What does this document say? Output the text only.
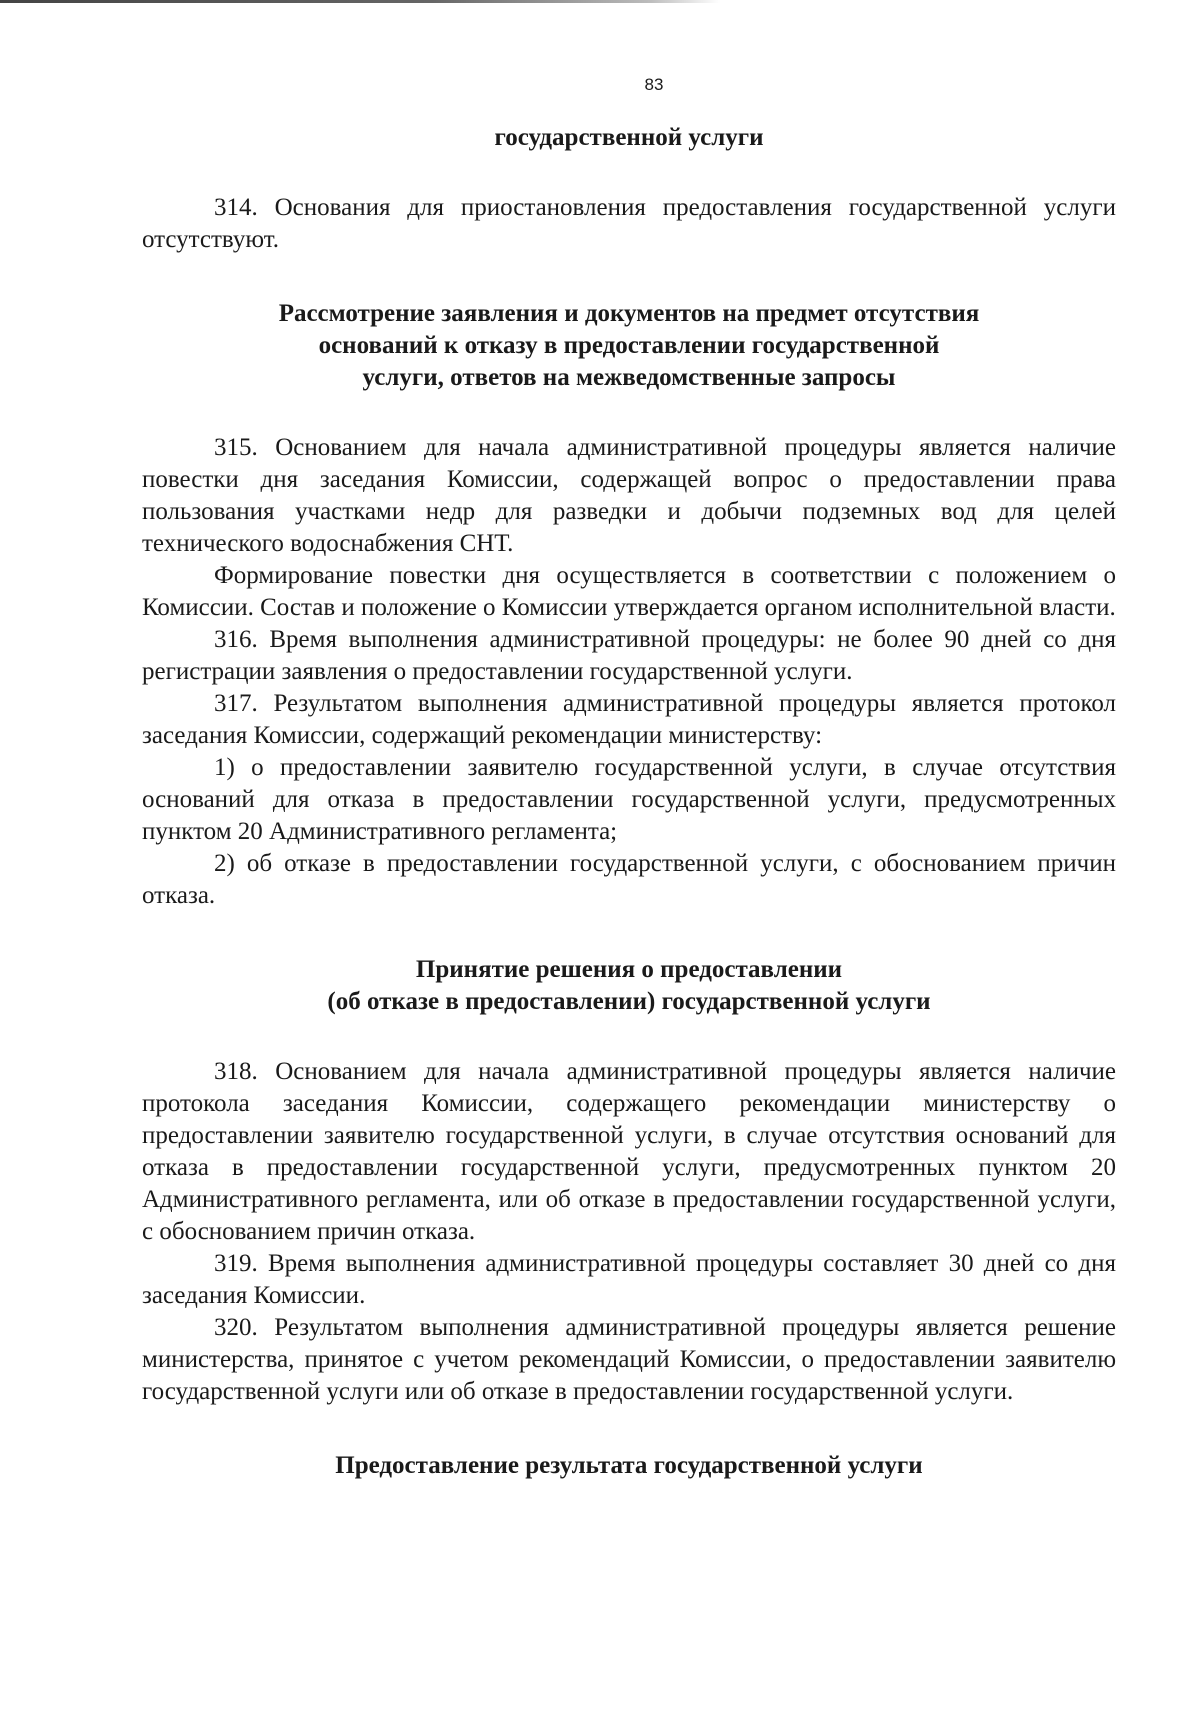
83
государственной услуги

314. Основания для приостановления предоставления государственной услуги отсутствуют.

Рассмотрение заявления и документов на предмет отсутствия
оснований к отказу в предоставлении государственной
услуги, ответов на межведомственные запросы

315. Основанием для начала административной процедуры является наличие повестки дня заседания Комиссии, содержащей вопрос о предоставлении права пользования участками недр для разведки и добычи подземных вод для целей технического водоснабжения СНТ.

Формирование повестки дня осуществляется в соответствии с положением о Комиссии. Состав и положение о Комиссии утверждается органом исполнительной власти.

316. Время выполнения административной процедуры: не более 90 дней со дня регистрации заявления о предоставлении государственной услуги.

317. Результатом выполнения административной процедуры является протокол заседания Комиссии, содержащий рекомендации министерству:

1) о предоставлении заявителю государственной услуги, в случае отсутствия оснований для отказа в предоставлении государственной услуги, предусмотренных пунктом 20 Административного регламента;

2) об отказе в предоставлении государственной услуги, с обоснованием причин отказа.

Принятие решения о предоставлении
(об отказе в предоставлении) государственной услуги

318. Основанием для начала административной процедуры является наличие протокола заседания Комиссии, содержащего рекомендации министерству о предоставлении заявителю государственной услуги, в случае отсутствия оснований для отказа в предоставлении государственной услуги, предусмотренных пунктом 20 Административного регламента, или об отказе в предоставлении государственной услуги, с обоснованием причин отказа.

319. Время выполнения административной процедуры составляет 30 дней со дня заседания Комиссии.

320. Результатом выполнения административной процедуры является решение министерства, принятое с учетом рекомендаций Комиссии, о предоставлении заявителю государственной услуги или об отказе в предоставлении государственной услуги.

Предоставление результата государственной услуги
